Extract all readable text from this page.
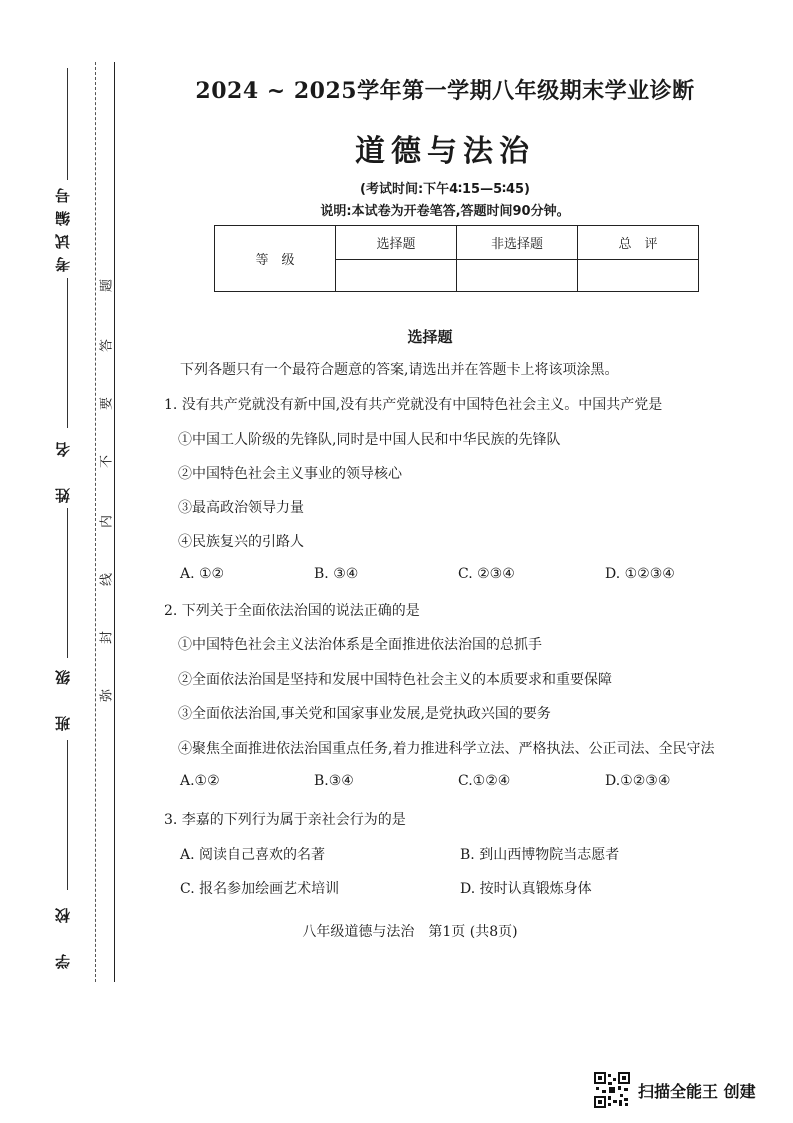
考试编号
姓　名
班　级
学　校
题
答
要
不
内
线
封
弥
2024 ~ 2025学年第一学期八年级期末学业诊断
道德与法治
(考试时间:下午4∶15—5∶45)
说明:本试卷为开卷笔答,答题时间90分钟。
等　级	选择题	非选择题	总　评

选择题
下列各题只有一个最符合题意的答案,请选出并在答题卡上将该项涂黑。
1. 没有共产党就没有新中国,没有共产党就没有中国特色社会主义。中国共产党是
①中国工人阶级的先锋队,同时是中国人民和中华民族的先锋队
②中国特色社会主义事业的领导核心
③最高政治领导力量
④民族复兴的引路人
A. ①②	B. ③④	C. ②③④	D. ①②③④
2. 下列关于全面依法治国的说法正确的是
①中国特色社会主义法治体系是全面推进依法治国的总抓手
②全面依法治国是坚持和发展中国特色社会主义的本质要求和重要保障
③全面依法治国,事关党和国家事业发展,是党执政兴国的要务
④聚焦全面推进依法治国重点任务,着力推进科学立法、严格执法、公正司法、全民守法
A.①②	B.③④	C.①②④	D.①②③④
3. 李嘉的下列行为属于亲社会行为的是
A. 阅读自己喜欢的名著	B. 到山西博物院当志愿者
C. 报名参加绘画艺术培训	D. 按时认真锻炼身体
八年级道德与法治　第1页 (共8页)
扫描全能王 创建
